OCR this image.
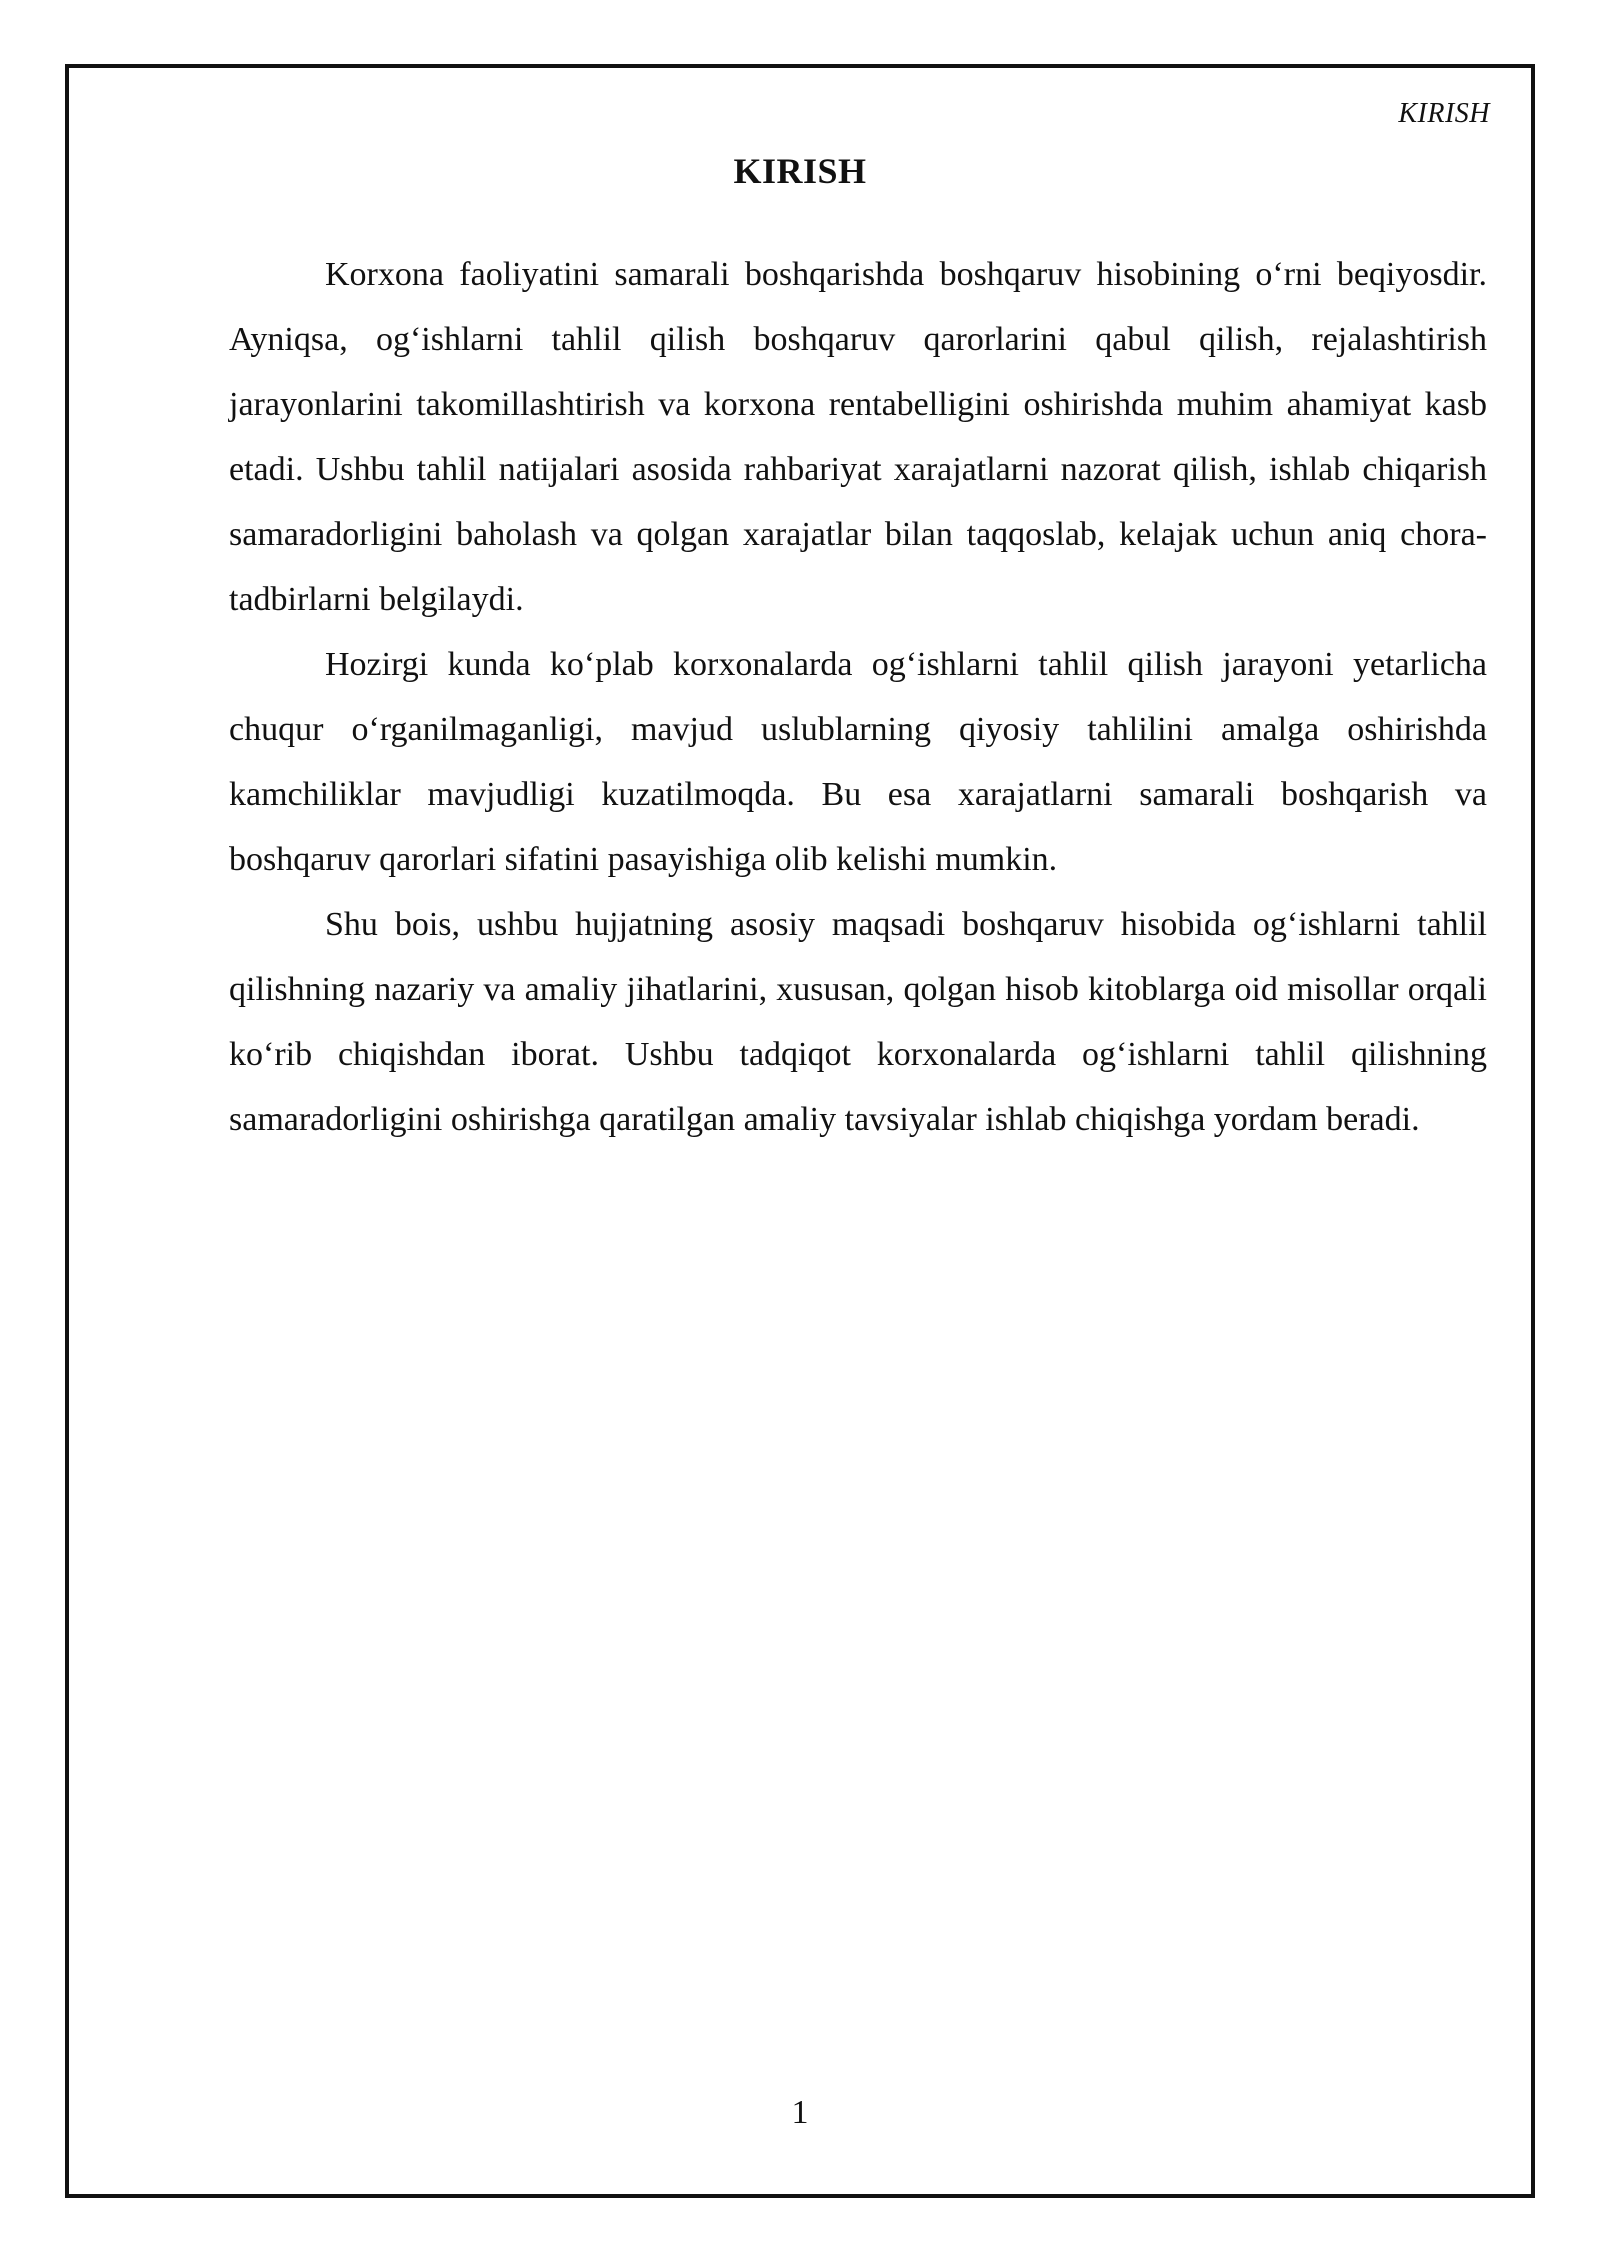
KIRISH
KIRISH

Korxona faoliyatini samarali boshqarishda boshqaruv hisobining o‘rni beqiyosdir. Ayniqsa, og‘ishlarni tahlil qilish boshqaruv qarorlarini qabul qilish, rejalashtirish jarayonlarini takomillashtirish va korxona rentabelligini oshirishda muhim ahamiyat kasb etadi. Ushbu tahlil natijalari asosida rahbariyat xarajatlarni nazorat qilish, ishlab chiqarish samaradorligini baholash va qolgan xarajatlar bilan taqqoslab, kelajak uchun aniq chora-tadbirlarni belgilaydi.

Hozirgi kunda ko‘plab korxonalarda og‘ishlarni tahlil qilish jarayoni yetarlicha chuqur o‘rganilmaganligi, mavjud uslublarning qiyosiy tahlilini amalga oshirishda kamchiliklar mavjudligi kuzatilmoqda. Bu esa xarajatlarni samarali boshqarish va boshqaruv qarorlari sifatini pasayishiga olib kelishi mumkin.

Shu bois, ushbu hujjatning asosiy maqsadi boshqaruv hisobida og‘ishlarni tahlil qilishning nazariy va amaliy jihatlarini, xususan, qolgan hisob kitoblarga oid misollar orqali ko‘rib chiqishdan iborat. Ushbu tadqiqot korxonalarda og‘ishlarni tahlil qilishning samaradorligini oshirishga qaratilgan amaliy tavsiyalar ishlab chiqishga yordam beradi.

1
